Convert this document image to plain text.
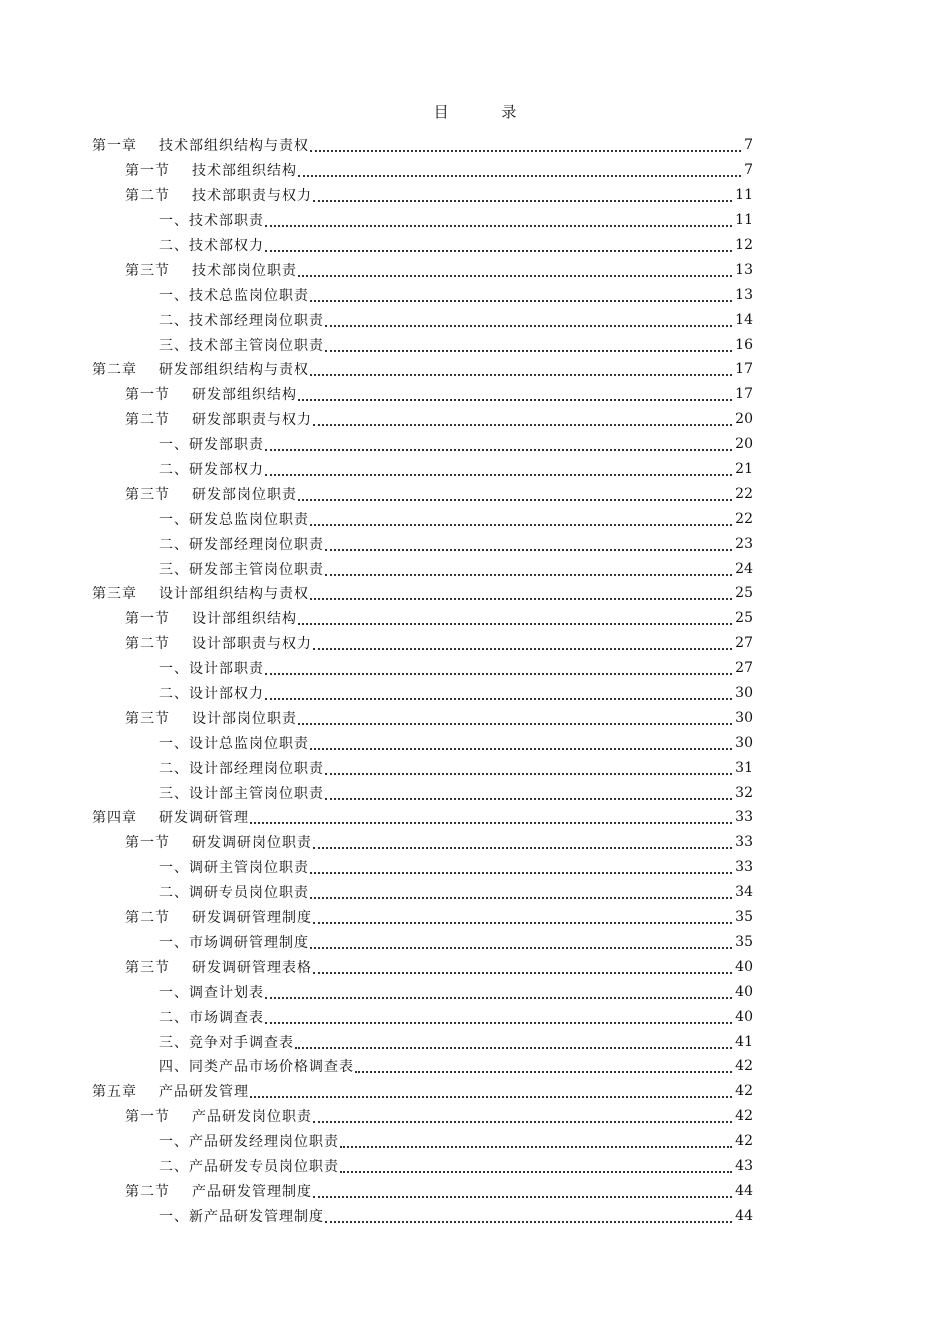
目 录
第一章	技术部组织结构与责权	7
第一节	技术部组织结构	7
第二节	技术部职责与权力	11
一、技术部职责	11
二、技术部权力	12
第三节	技术部岗位职责	13
一、技术总监岗位职责	13
二、技术部经理岗位职责	14
三、技术部主管岗位职责	16
第二章	研发部组织结构与责权	17
第一节	研发部组织结构	17
第二节	研发部职责与权力	20
一、研发部职责	20
二、研发部权力	21
第三节	研发部岗位职责	22
一、研发总监岗位职责	22
二、研发部经理岗位职责	23
三、研发部主管岗位职责	24
第三章	设计部组织结构与责权	25
第一节	设计部组织结构	25
第二节	设计部职责与权力	27
一、设计部职责	27
二、设计部权力	30
第三节	设计部岗位职责	30
一、设计总监岗位职责	30
二、设计部经理岗位职责	31
三、设计部主管岗位职责	32
第四章	研发调研管理	33
第一节	研发调研岗位职责	33
一、调研主管岗位职责	33
二、调研专员岗位职责	34
第二节	研发调研管理制度	35
一、市场调研管理制度	35
第三节	研发调研管理表格	40
一、调查计划表	40
二、市场调查表	40
三、竞争对手调查表	41
四、同类产品市场价格调查表	42
第五章	产品研发管理	42
第一节	产品研发岗位职责	42
一、产品研发经理岗位职责	42
二、产品研发专员岗位职责	43
第二节	产品研发管理制度	44
一、新产品研发管理制度	44
